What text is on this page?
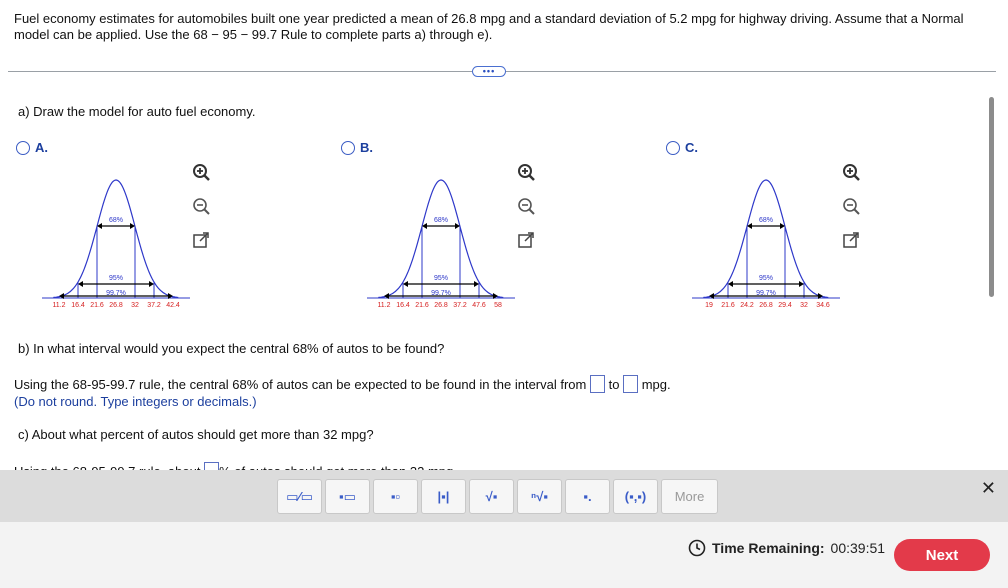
Fuel economy estimates for automobiles built one year predicted a mean of 26.8 mpg and a standard deviation of 5.2 mpg for highway driving. Assume that a Normal model can be applied. Use the 68 − 95 − 99.7 Rule to complete parts a) through e).
•••
a) Draw the model for auto fuel economy.
A.	B.	C.
68%
95%
99.7%
11.2 16.4 21.6 26.8 32 37.2 42.4
68%
95%
99.7%
11.2 16.4 21.6 26.8 37.2 47.6 58
68%
95%
99.7%
19 21.6 24.2 26.8 29.4 32 34.6
b) In what interval would you expect the central 68% of autos to be found?
Using the 68-95-99.7 rule, the central 68% of autos can be expected to be found in the interval from to mpg.
(Do not round. Type integers or decimals.)
c) About what percent of autos should get more than 32 mpg?
▭⁄▭	▪▭	▪▫	|▪|	√▪	ⁿ√▪	▪.	(▪,▪)	More	✕
Time Remaining: 00:39:51	Next
